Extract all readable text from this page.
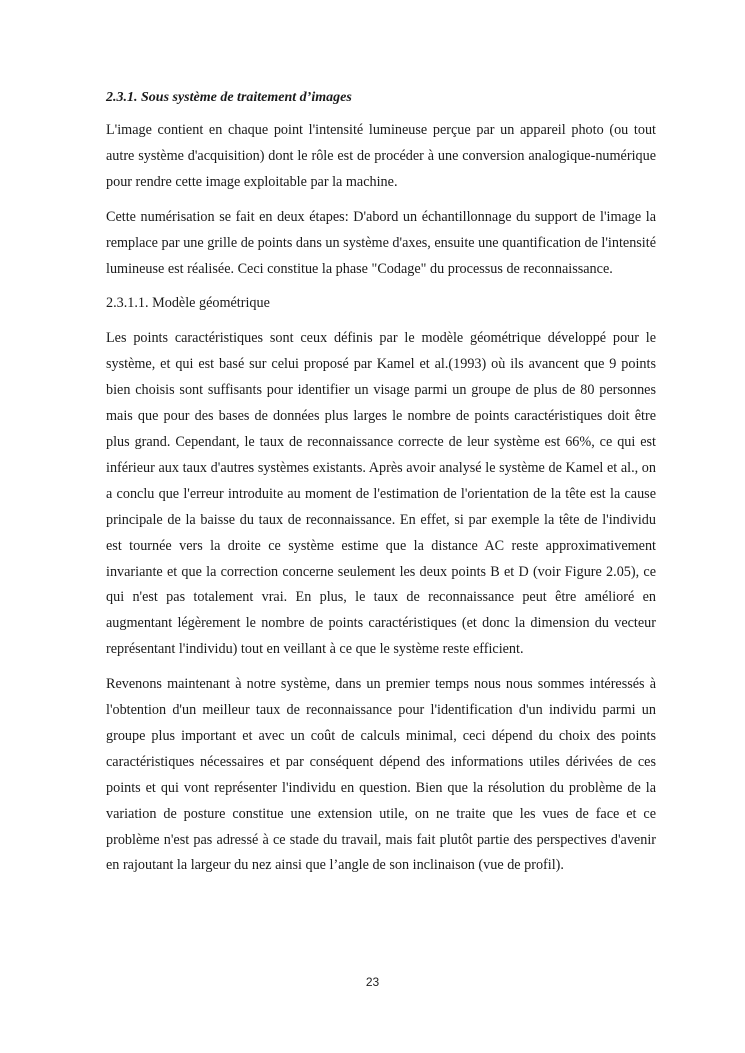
2.3.1. Sous système de traitement d’images

L'image contient en chaque point l'intensité lumineuse perçue par un appareil photo (ou tout autre système d'acquisition) dont le rôle est de procéder à une conversion analogique-numérique pour rendre cette image exploitable par la machine.

Cette numérisation se fait en deux étapes: D'abord un échantillonnage du support de l'image la remplace par une grille de points dans un système d'axes, ensuite une quantification de l'intensité lumineuse est réalisée. Ceci constitue la phase "Codage" du processus de reconnaissance.

2.3.1.1. Modèle géométrique

Les points caractéristiques sont ceux définis par le modèle géométrique développé pour le système, et qui est basé sur celui proposé par Kamel et al.(1993) où ils avancent que 9 points bien choisis sont suffisants pour identifier un visage parmi un groupe de plus de 80 personnes mais que pour des bases de données plus larges le nombre de points caractéristiques doit être plus grand. Cependant, le taux de reconnaissance correcte de leur système est 66%, ce qui est inférieur aux taux d'autres systèmes existants. Après avoir analysé le système de Kamel et al., on a conclu que l'erreur introduite au moment de l'estimation de l'orientation de la tête est la cause principale de la baisse du taux de reconnaissance. En effet, si par exemple la tête de l'individu est tournée vers la droite ce système estime que la distance AC reste approximativement invariante et que la correction concerne seulement les deux points B et D (voir Figure 2.05), ce qui n'est pas totalement vrai. En plus, le taux de reconnaissance peut être amélioré en augmentant légèrement le nombre de points caractéristiques (et donc la dimension du vecteur représentant l'individu) tout en veillant à ce que le système reste efficient.

Revenons maintenant à notre système, dans un premier temps nous nous sommes intéressés à l'obtention d'un meilleur taux de reconnaissance pour l'identification d'un individu parmi un groupe plus important et avec un coût de calculs minimal, ceci dépend du choix des points caractéristiques nécessaires et par conséquent dépend des informations utiles dérivées de ces points et qui vont représenter l'individu en question. Bien que la résolution du problème de la variation de posture constitue une extension utile, on ne traite que les vues de face et ce problème n'est pas adressé à ce stade du travail, mais fait plutôt partie des perspectives d'avenir en rajoutant la largeur du nez ainsi que l’angle de son inclinaison (vue de profil).

23
